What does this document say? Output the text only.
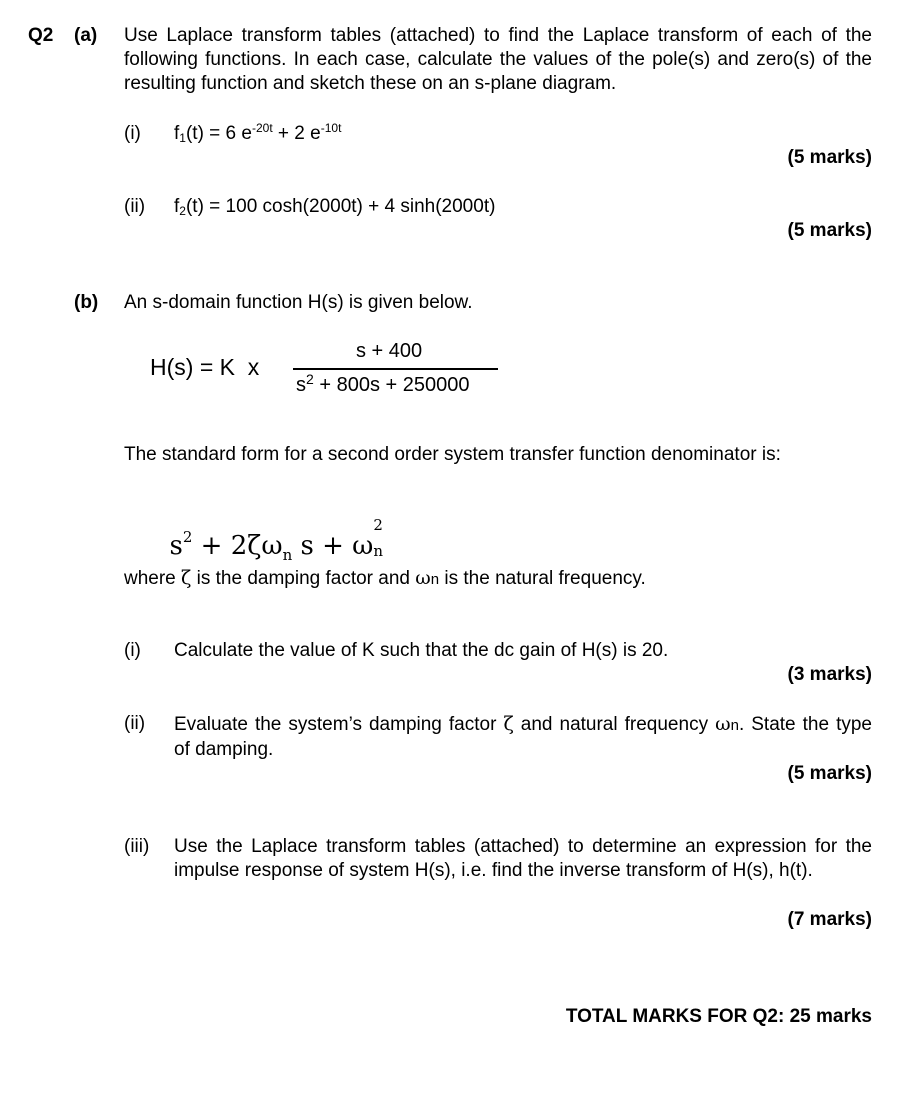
Q2 (a) Use Laplace transform tables (attached) to find the Laplace transform of each of the following functions. In each case, calculate the values of the pole(s) and zero(s) of the resulting function and sketch these on an s-plane diagram.
(i) $f_1(t) = 6$ $e^{-20t} + 2$ $e^{-10t}$
(5 marks)
(ii) $f_2(t) = 100$ cosh(2000t) + 4 sinh(2000t)
(5 marks)
(b) An s-domain function H(s) is given below.
H(s) = K  x
s + 400
$s^2 + 800s + 250000$
The standard form for a second order system transfer function denominator is:

$s^2 + 2\zeta\omega_n$ s + ω
2
n

where ζ is the damping factor and ωn is the natural frequency.
(i) Calculate the value of K such that the dc gain of H(s) is 20.
(3 marks)
(ii) Evaluate the system’s damping factor ζ and natural frequency ωn. State the type of damping.
(5 marks)
(iii) Use the Laplace transform tables (attached) to determine an expression for the impulse response of system H(s), i.e. find the inverse transform of H(s), h(t).
(7 marks)
TOTAL MARKS FOR Q2: 25 marks
